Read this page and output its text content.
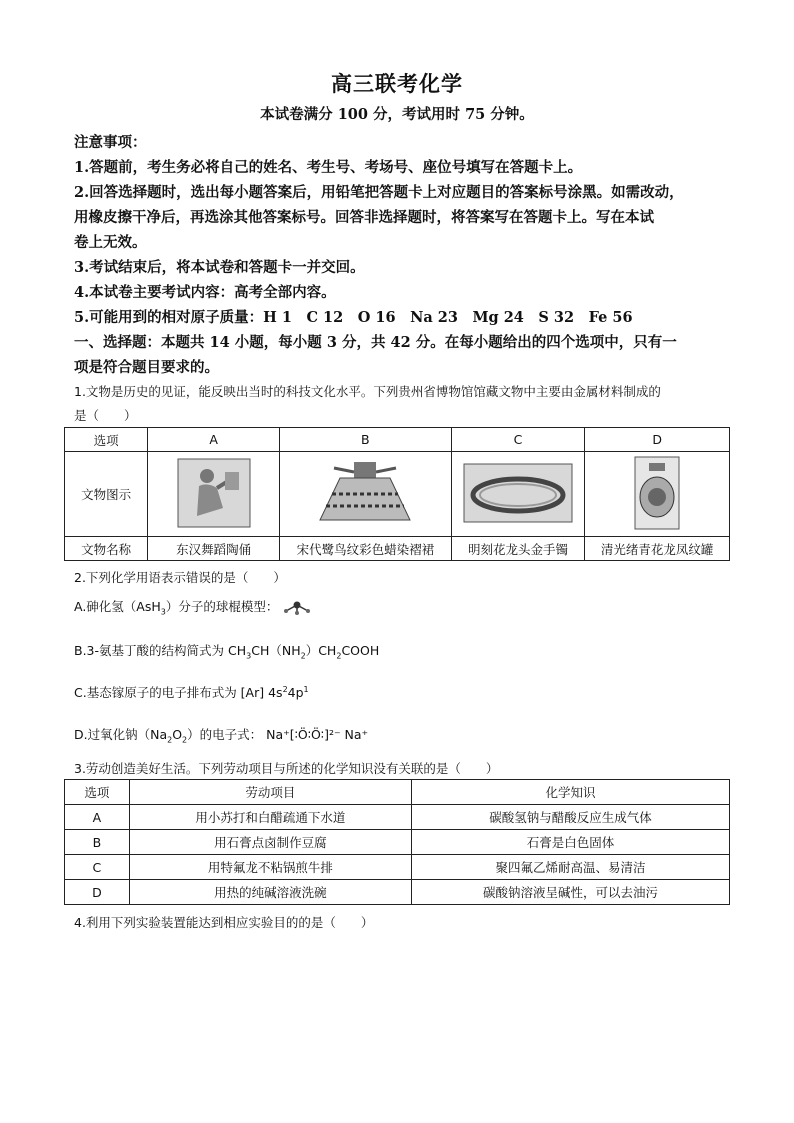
高三联考化学
本试卷满分 100 分，考试用时 75 分钟。
注意事项：
1.答题前，考生务必将自己的姓名、考生号、考场号、座位号填写在答题卡上。
2.回答选择题时，选出每小题答案后，用铅笔把答题卡上对应题目的答案标号涂黑。如需改动，
用橡皮擦干净后，再选涂其他答案标号。回答非选择题时，将答案写在答题卡上。写在本试
卷上无效。
3.考试结束后，将本试卷和答题卡一并交回。
4.本试卷主要考试内容：高考全部内容。
5.可能用到的相对原子质量：H 1　C 12　O 16　Na 23　Mg 24　S 32　Fe 56
一、选择题：本题共 14 小题，每小题 3 分，共 42 分。在每小题给出的四个选项中，只有一
项是符合题目要求的。
1.文物是历史的见证，能反映出当时的科技文化水平。下列贵州省博物馆馆藏文物中主要由金属材料制成的
是（　　）
选项	A	B	C	D
文物图示				
文物名称	东汉舞蹈陶俑	宋代鹭鸟纹彩色蜡染褶裙	明刻花龙头金手镯	清光绪青花龙凤纹罐
2.下列化学用语表示错误的是（　　）
A.砷化氢（AsH$_3$）分子的球棍模型：
B.3-氨基丁酸的结构简式为 $CH_3CH(NH_2)CH_2COOH$
C.基态镓原子的电子排布式为 [Ar] $4s^24p^1$
D.过氧化钠$(Na_2O_2)$的电子式： Na⁺[∶Ö∶Ö∶]²⁻ Na⁺
3.劳动创造美好生活。下列劳动项目与所述的化学知识没有关联的是（　　）
选项	劳动项目	化学知识
A	用小苏打和白醋疏通下水道	碳酸氢钠与醋酸反应生成气体
B	用石膏点卤制作豆腐	石膏是白色固体
C	用特氟龙不粘锅煎牛排	聚四氟乙烯耐高温、易清洁
D	用热的纯碱溶液洗碗	碳酸钠溶液呈碱性，可以去油污
4.利用下列实验装置能达到相应实验目的的是（　　）
